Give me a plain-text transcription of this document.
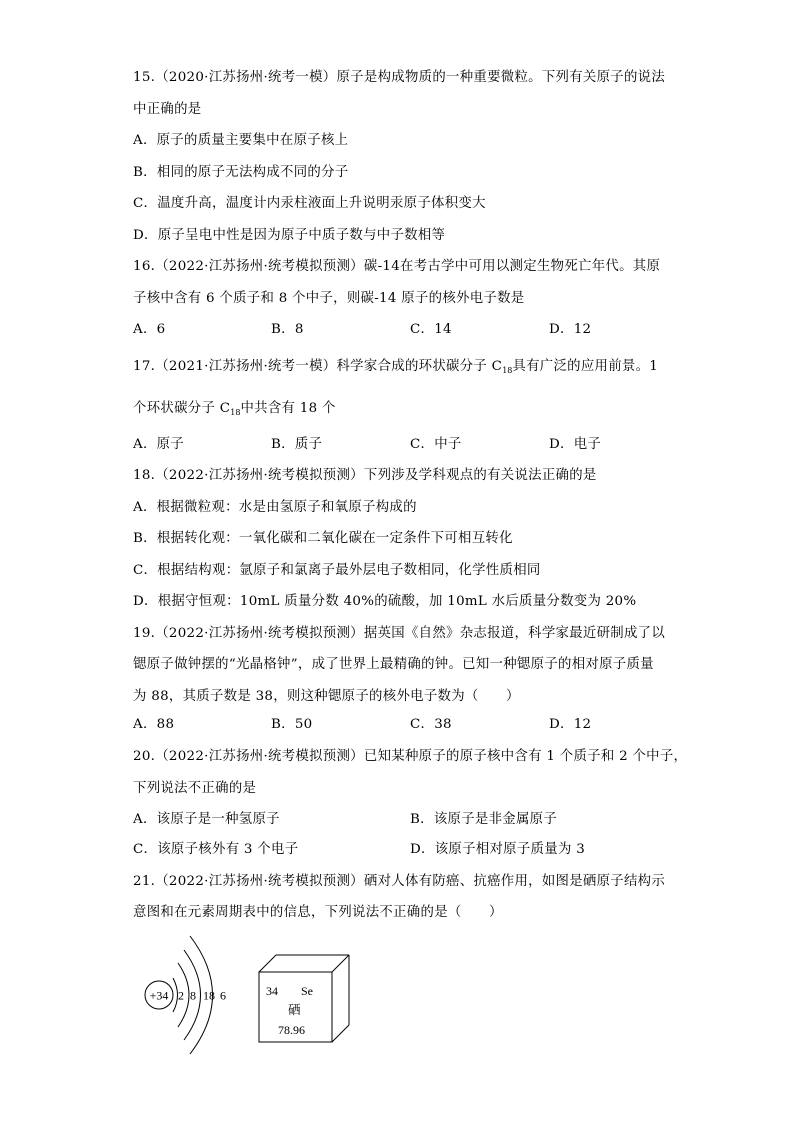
15.（2020·江苏扬州·统考一模）原子是构成物质的一种重要微粒。下列有关原子的说法
中正确的是
A．原子的质量主要集中在原子核上
B．相同的原子无法构成不同的分子
C．温度升高，温度计内汞柱液面上升说明汞原子体积变大
D．原子呈电中性是因为原子中质子数与中子数相等
16.（2022·江苏扬州·统考模拟预测）碳-14在考古学中可用以测定生物死亡年代。其原
子核中含有 6 个质子和 8 个中子，则碳-14 原子的核外电子数是
A．6	B．8	C．14	D．12
17.（2021·江苏扬州·统考一模）科学家合成的环状碳分子 $C_{18}$具有广泛的应用前景。1
个环状碳分子 $C_{18}$中共含有 18 个
A．原子	B．质子	C．中子	D．电子
18.（2022·江苏扬州·统考模拟预测）下列涉及学科观点的有关说法正确的是
A．根据微粒观：水是由氢原子和氧原子构成的
B．根据转化观：一氧化碳和二氧化碳在一定条件下可相互转化
C．根据结构观：氩原子和氯离子最外层电子数相同，化学性质相同
D．根据守恒观：10mL 质量分数 40%的硫酸，加 10mL 水后质量分数变为 20%
19.（2022·江苏扬州·统考模拟预测）据英国《自然》杂志报道，科学家最近研制成了以
锶原子做钟摆的“光晶格钟”，成了世界上最精确的钟。已知一种锶原子的相对原子质量
为 88，其质子数是 38，则这种锶原子的核外电子数为（　　）
A．88	B．50	C．38	D．12
20.（2022·江苏扬州·统考模拟预测）已知某种原子的原子核中含有 1 个质子和 2 个中子，
下列说法不正确的是
A．该原子是一种氢原子	B．该原子是非金属原子
C．该原子核外有 3 个电子	D．该原子相对原子质量为 3
21.（2022·江苏扬州·统考模拟预测）硒对人体有防癌、抗癌作用，如图是硒原子结构示
意图和在元素周期表中的信息，下列说法不正确的是（　　）
+34 2 8 18 6	34 Se
硒
78.96
